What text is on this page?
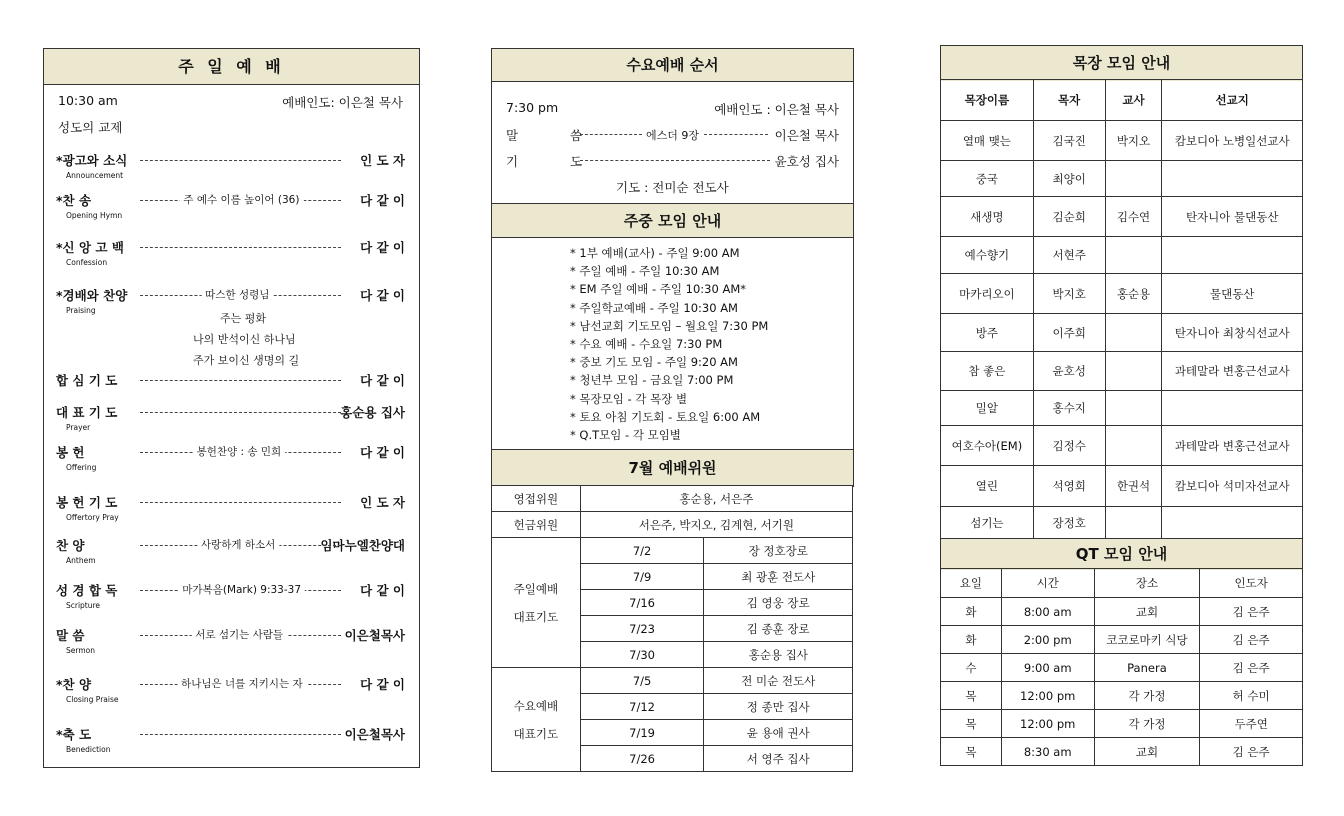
주 일 예 배
10:30 am	예배인도: 이은철 목사
성도의 교제
*광고와 소식
Announcement
인 도 자
*찬 송
Opening Hymn
다 같 이
주 예수 이름 높이어 (36)
*신 앙 고 백
Confession
다 같 이
*경배와 찬양
Praising
다 같 이
따스한 성령님
합 심 기 도	다 같 이
대 표 기 도
Prayer
홍순용 집사
봉 헌
Offering
다 같 이
봉헌찬양 : 송 민희
봉 헌 기 도
Offertory Pray
인 도 자
찬 양
Anthem
임마누엘찬양대
사랑하게 하소서
성 경 합 독
Scripture
다 같 이
마가복음(Mark) 9:33-37
말 씀
Sermon
이은철목사
서로 섬기는 사람들
*찬 양
Closing Praise
다 같 이
하나님은 너를 지키시는 자
*축 도
Benediction
이은철목사
주는 평화
나의 반석이신 하나님
주가 보이신 생명의 길
수요예배 순서
7:30 pm	예배인도 : 이은철 목사
말 씀	에스더 9장	이은철 목사
기 도	윤호성 집사
기도 : 전미순 전도사
주중 모임 안내
* 1부 예배(교사) - 주일 9:00 AM
* 주일 예배 - 주일 10:30 AM
* EM 주일 예배 - 주일 10:30 AM*
* 주일학교예배 - 주일 10:30 AM
* 남선교회 기도모임 – 월요일 7:30 PM
* 수요 예배 - 수요일 7:30 PM
* 중보 기도 모임 - 주일 9:20 AM
* 청년부 모임 - 금요일 7:00 PM
* 목장모임 - 각 목장 별
* 토요 아침 기도회 - 토요일 6:00 AM
* Q.T모임 - 각 모임별
7월 예배위원
영접위원	홍순용, 서은주	
헌금위원	서은주, 박지오, 김계현, 서기원	

주일예배
대표기도	7/2	장 정호장로
	7/9	최 광훈 전도사
	7/16	김 영웅 장로
	7/23	김 종훈 장로
	7/30	홍순용 집사

수요예배
대표기도	7/5	전 미순 전도사
	7/12	정 종만 집사
	7/19	윤 용애 권사
	7/26	서 영주 집사
목장 모임 안내
목장이름	목자	교사	선교지
열매 맺는	김국진	박지오	캄보디아 노병일선교사
중국	최양이		
새생명	김순희	김수연	탄자니아 물댄동산
예수향기	서현주		
마카리오이	박지호	홍순용	물댄동산
방주	이주희		탄자니아 최창식선교사
참 좋은	윤호성		과테말라 변홍근선교사
밀알	홍수지		
여호수아(EM)	김정수		과테말라 변홍근선교사
열린	석영희	한권석	캄보디아 석미자선교사
섬기는	장정호		
QT 모임 안내
요일	시간	장소	인도자
화	8:00 am	교회	김 은주
화	2:00 pm	코코로마키 식당	김 은주
수	9:00 am	Panera	김 은주
목	12:00 pm	각 가정	허 수미
목	12:00 pm	각 가정	두주연
목	8:30 am	교회	김 은주
